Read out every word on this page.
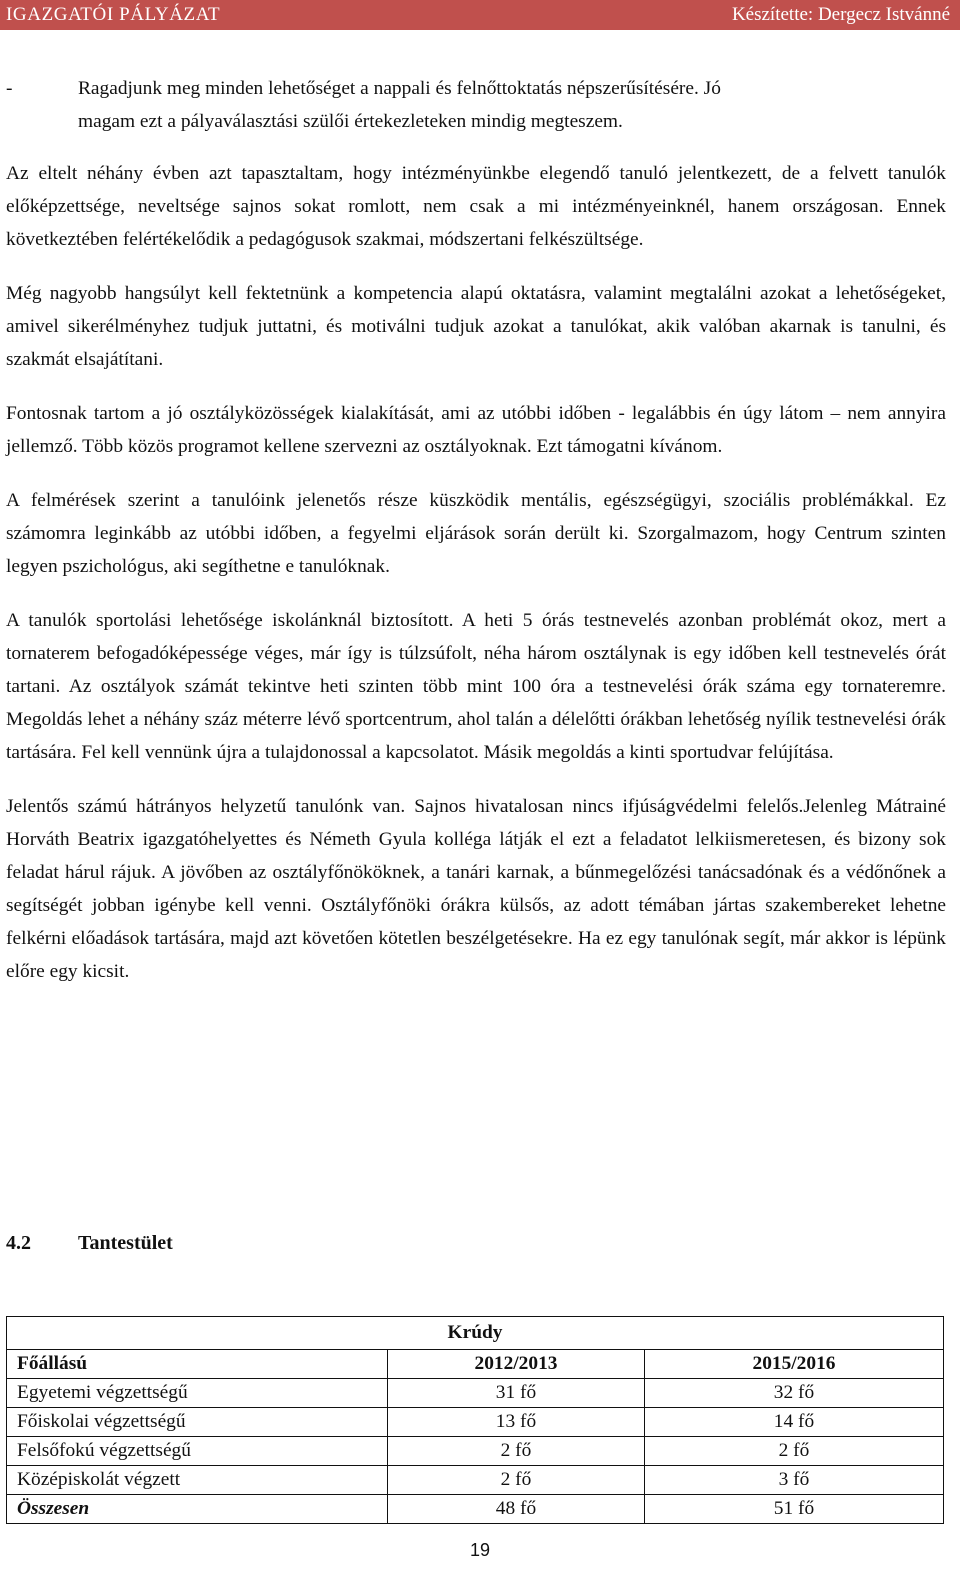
IGAZGATÓI PÁLYÁZAT	Készítette: Dergecz Istvánné
-	Ragadjunk meg minden lehetőséget a nappali és felnőttoktatás népszerűsítésére. Jó

magam ezt a pályaválasztási szülői értekezleteken mindig megteszem.

Az eltelt néhány évben azt tapasztaltam, hogy intézményünkbe elegendő tanuló jelentkezett, de a felvett tanulók előképzettsége, neveltsége sajnos sokat romlott, nem csak a mi intézményeinknél, hanem országosan. Ennek következtében felértékelődik a pedagógusok szakmai, módszertani felkészültsége.

Még nagyobb hangsúlyt kell fektetnünk a kompetencia alapú oktatásra, valamint megtalálni azokat a lehetőségeket, amivel sikerélményhez tudjuk juttatni, és motiválni tudjuk azokat a tanulókat, akik valóban akarnak is tanulni, és szakmát elsajátítani.

Fontosnak tartom a jó osztályközösségek kialakítását, ami az utóbbi időben - legalábbis én úgy látom – nem annyira jellemző. Több közös programot kellene szervezni az osztályoknak. Ezt támogatni kívánom.

A felmérések szerint a tanulóink jelenetős része küszködik mentális, egészségügyi, szociális problémákkal. Ez számomra leginkább az utóbbi időben, a fegyelmi eljárások során derült ki. Szorgalmazom, hogy Centrum szinten legyen pszichológus, aki segíthetne e tanulóknak.

A tanulók sportolási lehetősége iskolánknál biztosított. A heti 5 órás testnevelés azonban problémát okoz, mert a tornaterem befogadóképessége véges, már így is túlzsúfolt, néha három osztálynak is egy időben kell testnevelés órát tartani. Az osztályok számát tekintve heti szinten több mint 100 óra a testnevelési órák száma egy tornateremre. Megoldás lehet a néhány száz méterre lévő sportcentrum, ahol talán a délelőtti órákban lehetőség nyílik testnevelési órák tartására. Fel kell vennünk újra a tulajdonossal a kapcsolatot. Másik megoldás a kinti sportudvar felújítása.

Jelentős számú hátrányos helyzetű tanulónk van. Sajnos hivatalosan nincs ifjúságvédelmi felelős.Jelenleg Mátrainé Horváth Beatrix igazgatóhelyettes és Németh Gyula kolléga látják el ezt a feladatot lelkiismeretesen, és bizony sok feladat hárul rájuk. A jövőben az osztályfőnököknek, a tanári karnak, a bűnmegelőzési tanácsadónak és a védőnőnek a segítségét jobban igénybe kell venni. Osztályfőnöki órákra külsős, az adott témában jártas szakembereket lehetne felkérni előadások tartására, majd azt követően kötetlen beszélgetésekre. Ha ez egy tanulónak segít, már akkor is lépünk előre egy kicsit.

4.2	Tantestület
Krúdy		
Főállású	2012/2013	2015/2016
Egyetemi végzettségű	31 fő	32 fő
Főiskolai végzettségű	13 fő	14 fő
Felsőfokú végzettségű	2 fő	2 fő
Középiskolát végzett	2 fő	3 fő
Összesen	48 fő	51 fő
19
